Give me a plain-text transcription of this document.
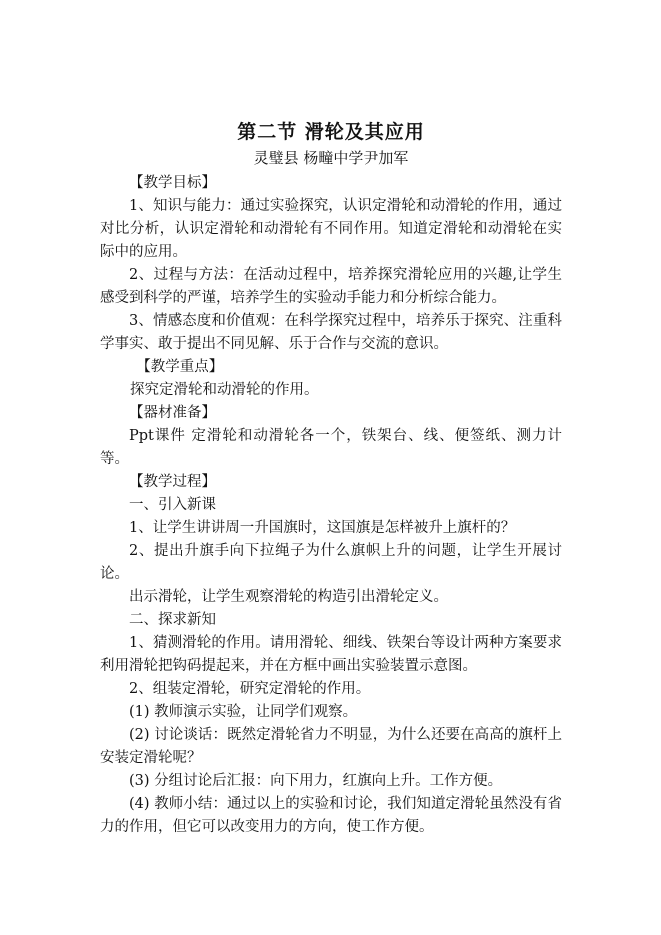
第二节 滑轮及其应用
灵璧县 杨疃中学尹加军

【教学目标】

1、知识与能力：通过实验探究，认识定滑轮和动滑轮的作用，通过对比分析，认识定滑轮和动滑轮有不同作用。知道定滑轮和动滑轮在实际中的应用。

2、过程与方法：在活动过程中，培养探究滑轮应用的兴趣,让学生感受到科学的严谨，培养学生的实验动手能力和分析综合能力。

3、情感态度和价值观：在科学探究过程中，培养乐于探究、注重科学事实、敢于提出不同见解、乐于合作与交流的意识。

【教学重点】

探究定滑轮和动滑轮的作用。

【器材准备】

Ppt课件 定滑轮和动滑轮各一个，铁架台、线、便签纸、测力计等。

【教学过程】

一、引入新课

1、让学生讲讲周一升国旗时，这国旗是怎样被升上旗杆的？

2、提出升旗手向下拉绳子为什么旗帜上升的问题，让学生开展讨论。

出示滑轮，让学生观察滑轮的构造引出滑轮定义。

二、探求新知

1、猜测滑轮的作用。请用滑轮、细线、铁架台等设计两种方案要求利用滑轮把钩码提起来，并在方框中画出实验装置示意图。

2、组装定滑轮，研究定滑轮的作用。

(1) 教师演示实验，让同学们观察。

(2) 讨论谈话：既然定滑轮省力不明显，为什么还要在高高的旗杆上安装定滑轮呢？

(3) 分组讨论后汇报：向下用力，红旗向上升。工作方便。

(4) 教师小结：通过以上的实验和讨论，我们知道定滑轮虽然没有省力的作用，但它可以改变用力的方向，使工作方便。
